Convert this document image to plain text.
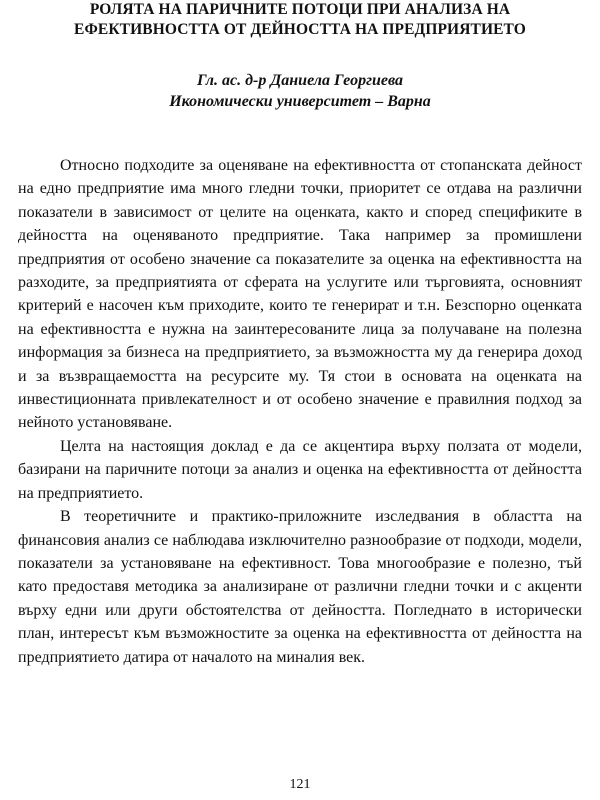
РОЛЯТА НА ПАРИЧНИТЕ ПОТОЦИ ПРИ АНАЛИЗА НА
ЕФЕКТИВНОСТТА ОТ ДЕЙНОСТТА НА ПРЕДПРИЯТИЕТО
Гл. ас. д-р Даниела Георгиева
Икономически университет – Варна

Относно подходите за оценяване на ефективността от стопанската дейност на едно предприятие има много гледни точки, приоритет се отдава на различни показатели в зависимост от целите на оценката, както и според спецификите в дейността на оценяваното предприятие. Така например за промишлени предприятия от особено значение са показателите за оценка на ефективността на разходите, за предприятията от сферата на услугите или търговията, основният критерий е насочен към приходите, които те генерират и т.н. Безспорно оценката на ефективността е нужна на заинтересованите лица за получаване на полезна информация за бизнеса на предприятието, за възможността му да генерира доход и за възвращаемостта на ресурсите му. Тя стои в основата на оценката на инвестиционната привлекателност и от особено значение е правилния подход за нейното установяване.

Целта на настоящия доклад е да се акцентира върху ползата от модели, базирани на паричните потоци за анализ и оценка на ефективността от дейността на предприятието.

В теоретичните и практико-приложните изследвания в областта на финансовия анализ се наблюдава изключително разнообразие от подходи, модели, показатели за установяване на ефективност. Това многообразие е полезно, тъй като предоставя методика за анализиране от различни гледни точки и с акценти върху едни или други обстоятелства от дейността. Погледнато в исторически план, интересът към възможностите за оценка на ефективността от дейността на предприятието датира от началото на миналия век.

121
